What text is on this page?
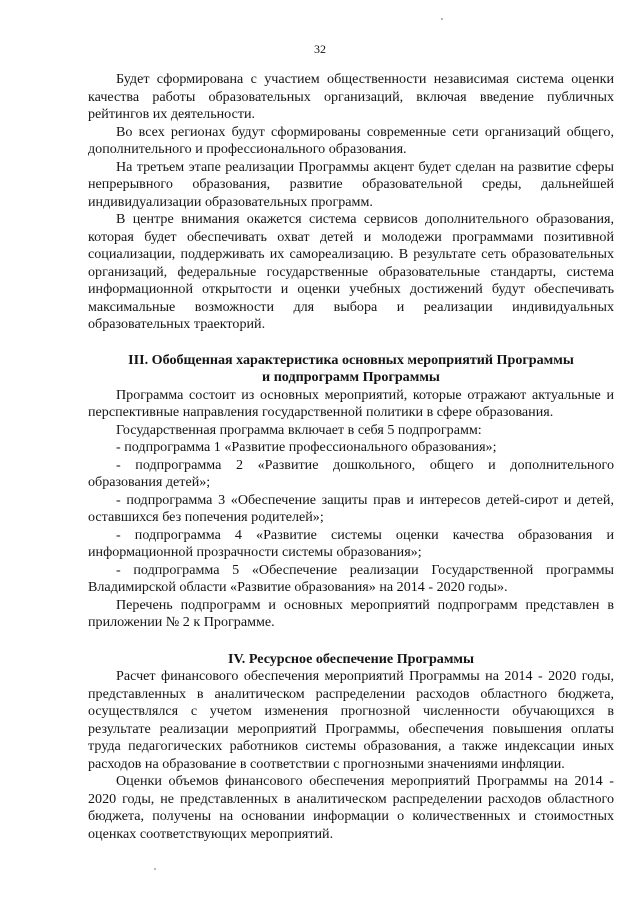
32

Будет сформирована с участием общественности независимая система оценки качества работы образовательных организаций, включая введение публичных рейтингов их деятельности.

Во всех регионах будут сформированы современные сети организаций общего, дополнительного и профессионального образования.

На третьем этапе реализации Программы акцент будет сделан на развитие сферы непрерывного образования, развитие образовательной среды, дальнейшей индивидуализации образовательных программ.

В центре внимания окажется система сервисов дополнительного образования, которая будет обеспечивать охват детей и молодежи программами позитивной социализации, поддерживать их самореализацию. В результате сеть образовательных организаций, федеральные государственные образовательные стандарты, система информационной открытости и оценки учебных достижений будут обеспечивать максимальные возможности для выбора и реализации индивидуальных образовательных траекторий.

III. Обобщенная характеристика основных мероприятий Программы
и подпрограмм Программы

Программа состоит из основных мероприятий, которые отражают актуальные и перспективные направления государственной политики в сфере образования.

Государственная программа включает в себя 5 подпрограмм:

- подпрограмма 1 «Развитие профессионального образования»;

- подпрограмма 2 «Развитие дошкольного, общего и дополнительного образования детей»;

- подпрограмма 3 «Обеспечение защиты прав и интересов детей-сирот и детей, оставшихся без попечения родителей»;

- подпрограмма 4 «Развитие системы оценки качества образования и информационной прозрачности системы образования»;

- подпрограмма 5 «Обеспечение реализации Государственной программы Владимирской области «Развитие образования» на 2014 - 2020 годы».

Перечень подпрограмм и основных мероприятий подпрограмм представлен в приложении № 2 к Программе.

IV. Ресурсное обеспечение Программы

Расчет финансового обеспечения мероприятий Программы на 2014 - 2020 годы, представленных в аналитическом распределении расходов областного бюджета, осуществлялся с учетом изменения прогнозной численности обучающихся в результате реализации мероприятий Программы, обеспечения повышения оплаты труда педагогических работников системы образования, а также индексации иных расходов на образование в соответствии с прогнозными значениями инфляции.

Оценки объемов финансового обеспечения мероприятий Программы на 2014 - 2020 годы, не представленных в аналитическом распределении расходов областного бюджета, получены на основании информации о количественных и стоимостных оценках соответствующих мероприятий.
